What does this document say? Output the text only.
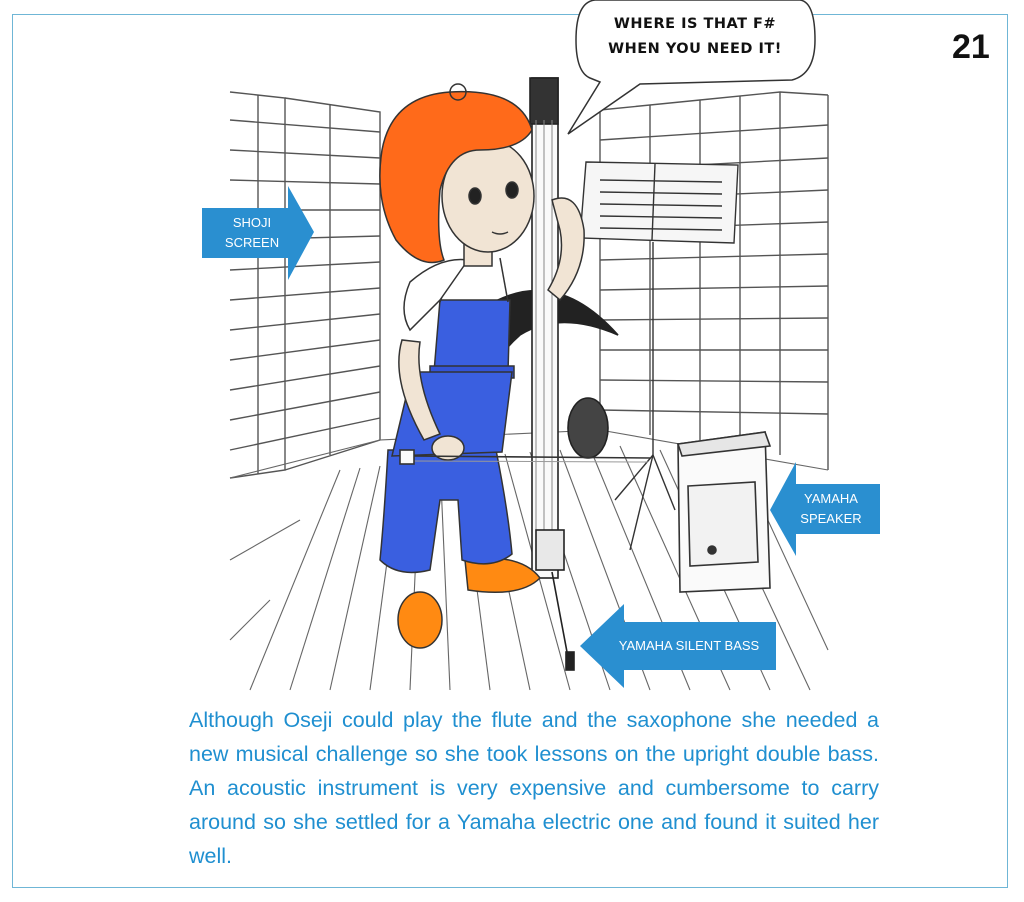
WHERE IS THAT F#
WHEN YOU NEED IT!	21
SHOJI
SCREEN
YAMAHA
SPEAKER
YAMAHA SILENT BASS
Although Oseji could play the flute and the saxophone she needed a new musical challenge so she took lessons on the upright double bass. An acoustic instrument is very expensive and cumbersome to carry around so she settled for a Yamaha electric one and found it suited her well.
